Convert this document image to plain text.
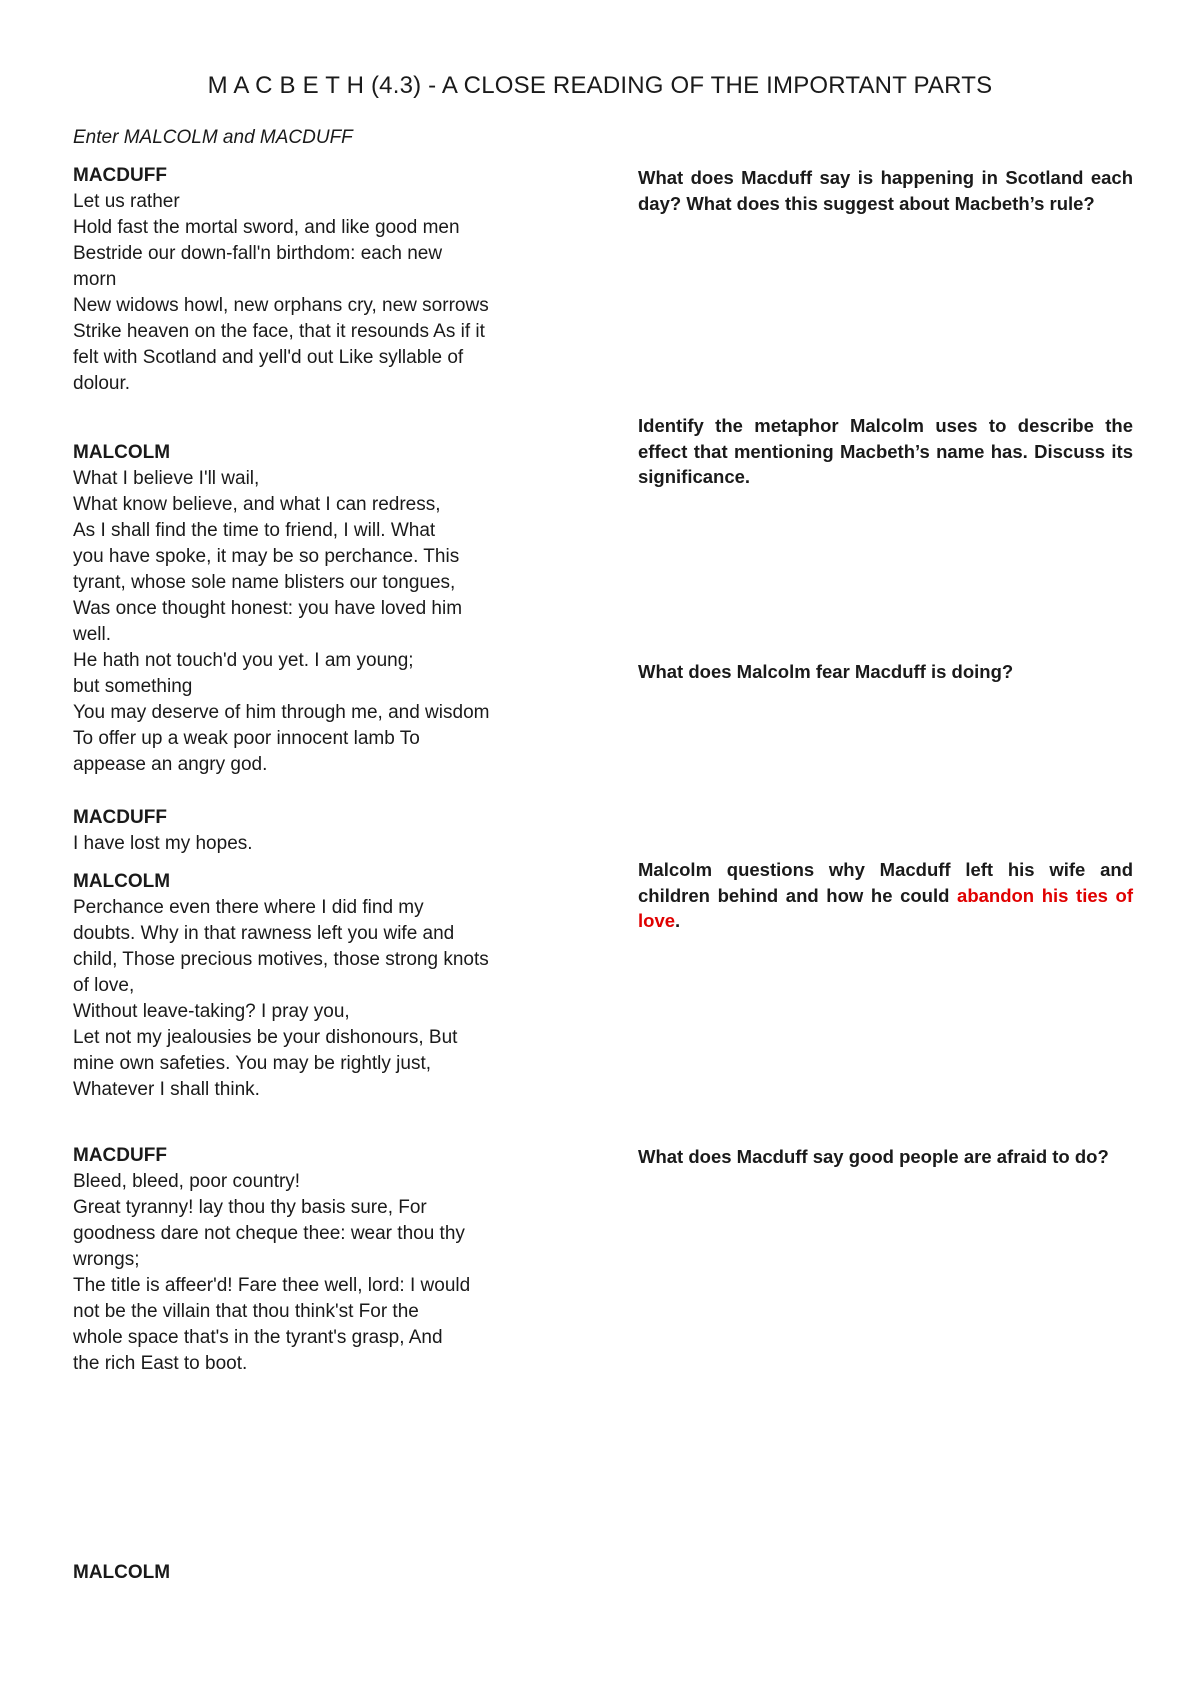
M A C B E T H (4.3) - A CLOSE READING OF THE IMPORTANT PARTS
Enter MALCOLM and MACDUFF
MACDUFF
Let us rather
Hold fast the mortal sword, and like good men
Bestride our down-fall'n birthdom: each new
morn
New widows howl, new orphans cry, new sorrows
Strike heaven on the face, that it resounds As if it
felt with Scotland and yell'd out Like syllable of
dolour.
MALCOLM
What I believe I'll wail,
What know believe, and what I can redress,
As I shall find the time to friend, I will. What
you have spoke, it may be so perchance. This
tyrant, whose sole name blisters our tongues,
Was once thought honest: you have loved him
well.
He hath not touch'd you yet. I am young;
but something
You may deserve of him through me, and wisdom
To offer up a weak poor innocent lamb To
appease an angry god.
MACDUFF
I have lost my hopes.
MALCOLM
Perchance even there where I did find my
doubts. Why in that rawness left you wife and
child, Those precious motives, those strong knots
of love,
Without leave-taking? I pray you,
Let not my jealousies be your dishonours, But
mine own safeties. You may be rightly just,
Whatever I shall think.
MACDUFF
Bleed, bleed, poor country!
Great tyranny! lay thou thy basis sure, For
goodness dare not cheque thee: wear thou thy
wrongs;
The title is affeer'd! Fare thee well, lord: I would
not be the villain that thou think'st For the
whole space that's in the tyrant's grasp, And
the rich East to boot.
MALCOLM
What does Macduff say is happening in Scotland each day? What does this suggest about Macbeth’s rule?
Identify the metaphor Malcolm uses to describe the effect that mentioning Macbeth’s name has. Discuss its significance.
What does Malcolm fear Macduff is doing?
Malcolm questions why Macduff left his wife and children behind and how he could abandon his ties of love.
What does Macduff say good people are afraid to do?
